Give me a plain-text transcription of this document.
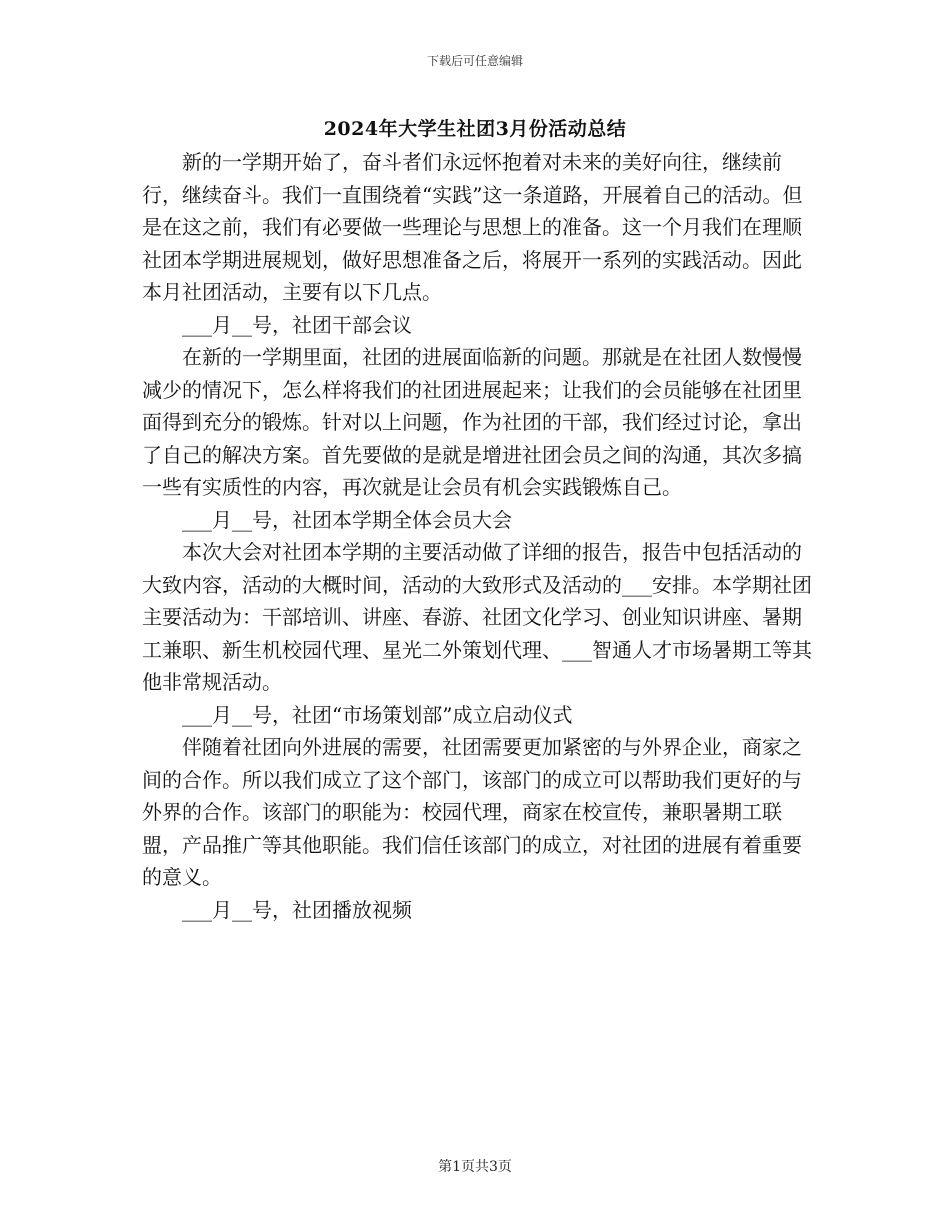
下载后可任意编辑
2024年大学生社团3月份活动总结

新的一学期开始了，奋斗者们永远怀抱着对未来的美好向往，继续前行，继续奋斗。我们一直围绕着“实践”这一条道路，开展着自己的活动。但是在这之前，我们有必要做一些理论与思想上的准备。这一个月我们在理顺社团本学期进展规划，做好思想准备之后，将展开一系列的实践活动。因此本月社团活动，主要有以下几点。

___月__号，社团干部会议

在新的一学期里面，社团的进展面临新的问题。那就是在社团人数慢慢减少的情况下，怎么样将我们的社团进展起来；让我们的会员能够在社团里面得到充分的锻炼。针对以上问题，作为社团的干部，我们经过讨论，拿出了自己的解决方案。首先要做的是就是增进社团会员之间的沟通，其次多搞一些有实质性的内容，再次就是让会员有机会实践锻炼自己。

___月__号，社团本学期全体会员大会

本次大会对社团本学期的主要活动做了详细的报告，报告中包括活动的大致内容，活动的大概时间，活动的大致形式及活动的___安排。本学期社团主要活动为：干部培训、讲座、春游、社团文化学习、创业知识讲座、暑期工兼职、新生机校园代理、星光二外策划代理、___智通人才市场暑期工等其他非常规活动。

___月__号，社团“市场策划部”成立启动仪式

伴随着社团向外进展的需要，社团需要更加紧密的与外界企业，商家之间的合作。所以我们成立了这个部门，该部门的成立可以帮助我们更好的与外界的合作。该部门的职能为：校园代理，商家在校宣传，兼职暑期工联盟，产品推广等其他职能。我们信任该部门的成立，对社团的进展有着重要的意义。

___月__号，社团播放视频

第1页共3页
